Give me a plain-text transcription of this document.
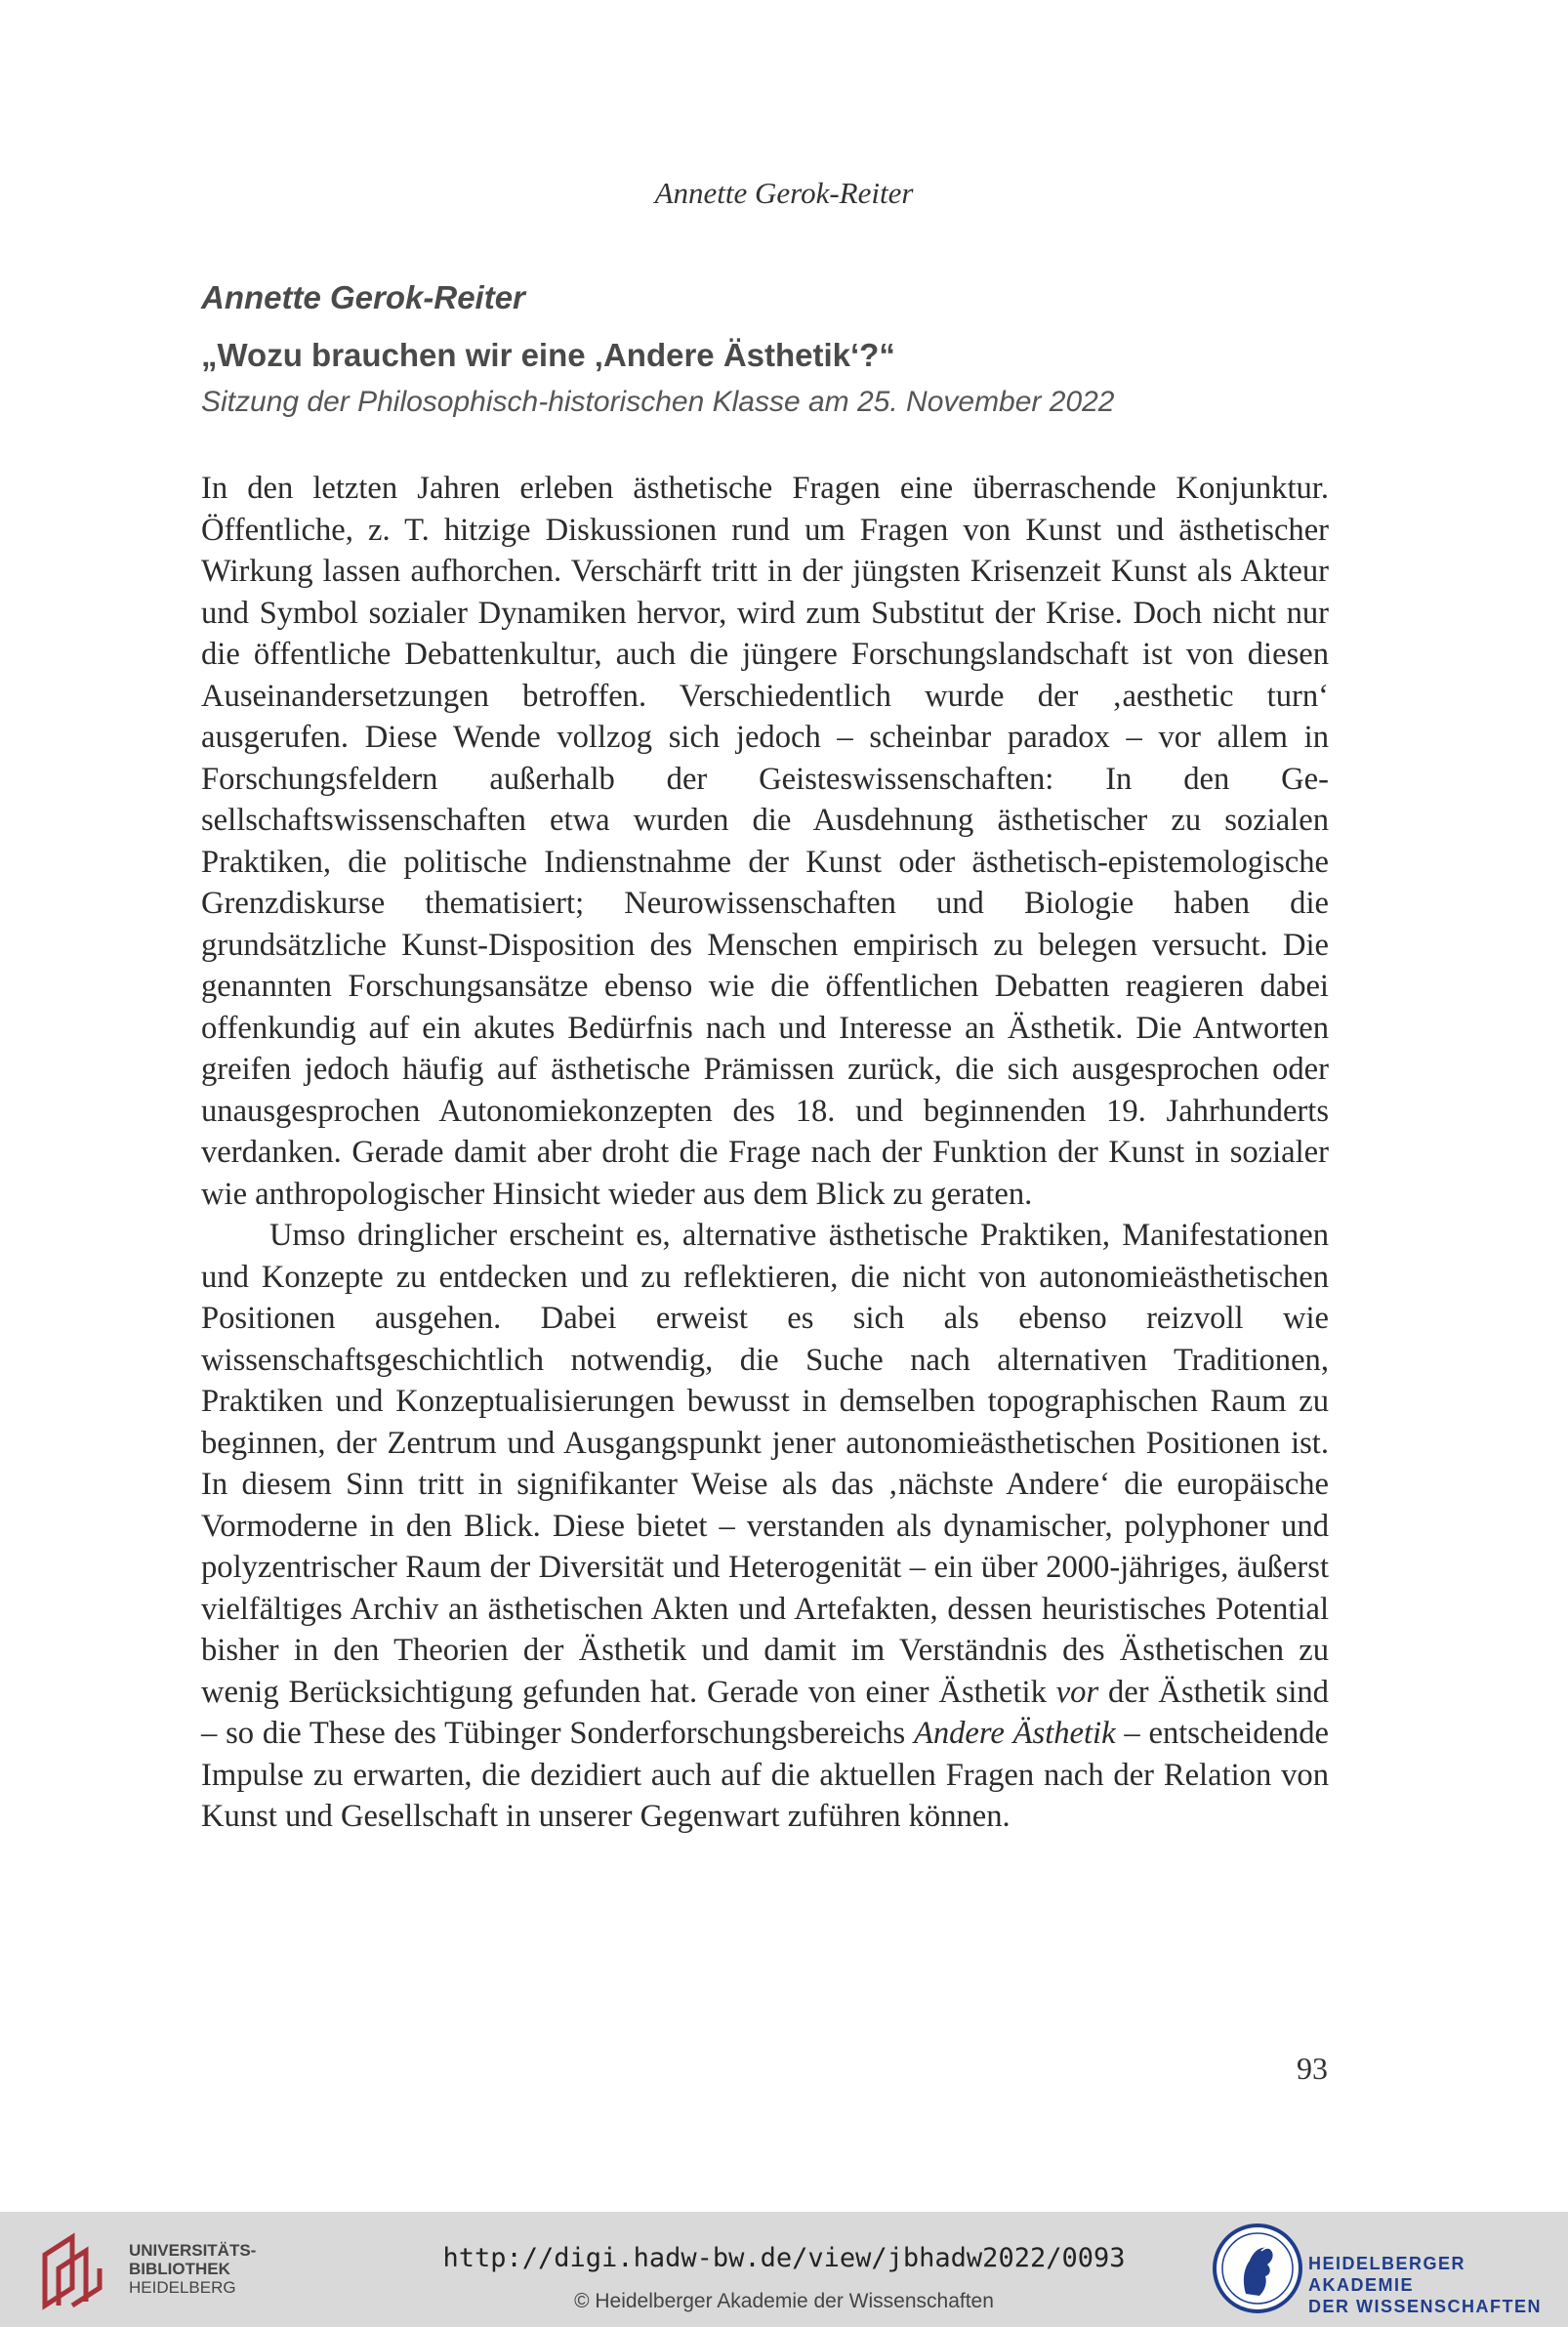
Annette Gerok-Reiter
Annette Gerok-Reiter
„Wozu brauchen wir eine ‚Andere Ästhetik‘?“
Sitzung der Philosophisch-historischen Klasse am 25. November 2022

In den letzten Jahren erleben ästhetische Fragen eine überraschende Konjunktur. Öffentliche, z. T. hitzige Diskussionen rund um Fragen von Kunst und ästhetischer Wirkung lassen aufhorchen. Verschärft tritt in der jüngsten Krisenzeit Kunst als Akteur und Symbol sozialer Dynamiken hervor, wird zum Substitut der Krise. Doch nicht nur die öffentliche Debattenkultur, auch die jüngere Forschungslandschaft ist von diesen Auseinandersetzungen betroffen. Verschiedentlich wurde der ‚aesthetic turn‘ ausgerufen. Diese Wende vollzog sich jedoch – scheinbar paradox – vor allem in Forschungsfeldern außerhalb der Geisteswissenschaften: In den Gesellschaftswissenschaften etwa wurden die Ausdehnung ästhetischer zu sozialen Praktiken, die politische Indienstnahme der Kunst oder ästhetisch-epistemologische Grenzdiskurse thematisiert; Neurowissenschaften und Biologie haben die grundsätzliche Kunst-Disposition des Menschen empirisch zu belegen versucht. Die genannten Forschungsansätze ebenso wie die öffentlichen Debatten reagieren dabei offenkundig auf ein akutes Bedürfnis nach und Interesse an Ästhetik. Die Antworten greifen jedoch häufig auf ästhetische Prämissen zurück, die sich ausgesprochen oder unausgesprochen Autonomiekonzepten des 18. und beginnenden 19. Jahrhunderts verdanken. Gerade damit aber droht die Frage nach der Funktion der Kunst in sozialer wie anthropologischer Hinsicht wieder aus dem Blick zu geraten.

Umso dringlicher erscheint es, alternative ästhetische Praktiken, Manifestationen und Konzepte zu entdecken und zu reflektieren, die nicht von autonomieästhetischen Positionen ausgehen. Dabei erweist es sich als ebenso reizvoll wie wissenschaftsgeschichtlich notwendig, die Suche nach alternativen Traditionen, Praktiken und Konzeptualisierungen bewusst in demselben topographischen Raum zu beginnen, der Zentrum und Ausgangspunkt jener autonomieästhetischen Positionen ist. In diesem Sinn tritt in signifikanter Weise als das ‚nächste Andere‘ die europäische Vormoderne in den Blick. Diese bietet – verstanden als dynamischer, polyphoner und polyzentrischer Raum der Diversität und Heterogenität – ein über 2000-jähriges, äußerst vielfältiges Archiv an ästhetischen Akten und Artefakten, dessen heuristisches Potential bisher in den Theorien der Ästhetik und damit im Verständnis des Ästhetischen zu wenig Berücksichtigung gefunden hat. Gerade von einer Ästhetik vor der Ästhetik sind – so die These des Tübinger Sonderforschungsbereichs Andere Ästhetik – entscheidende Impulse zu erwarten, die dezidiert auch auf die aktuellen Fragen nach der Relation von Kunst und Gesellschaft in unserer Gegenwart zuführen können.

93
UNIVERSITÄTS-
BIBLIOTHEK
HEIDELBERG
http://digi.hadw-bw.de/view/jbhadw2022/0093
© Heidelberger Akademie der Wissenschaften
HEIDELBERGER AKADEMIE
DER WISSENSCHAFTEN
